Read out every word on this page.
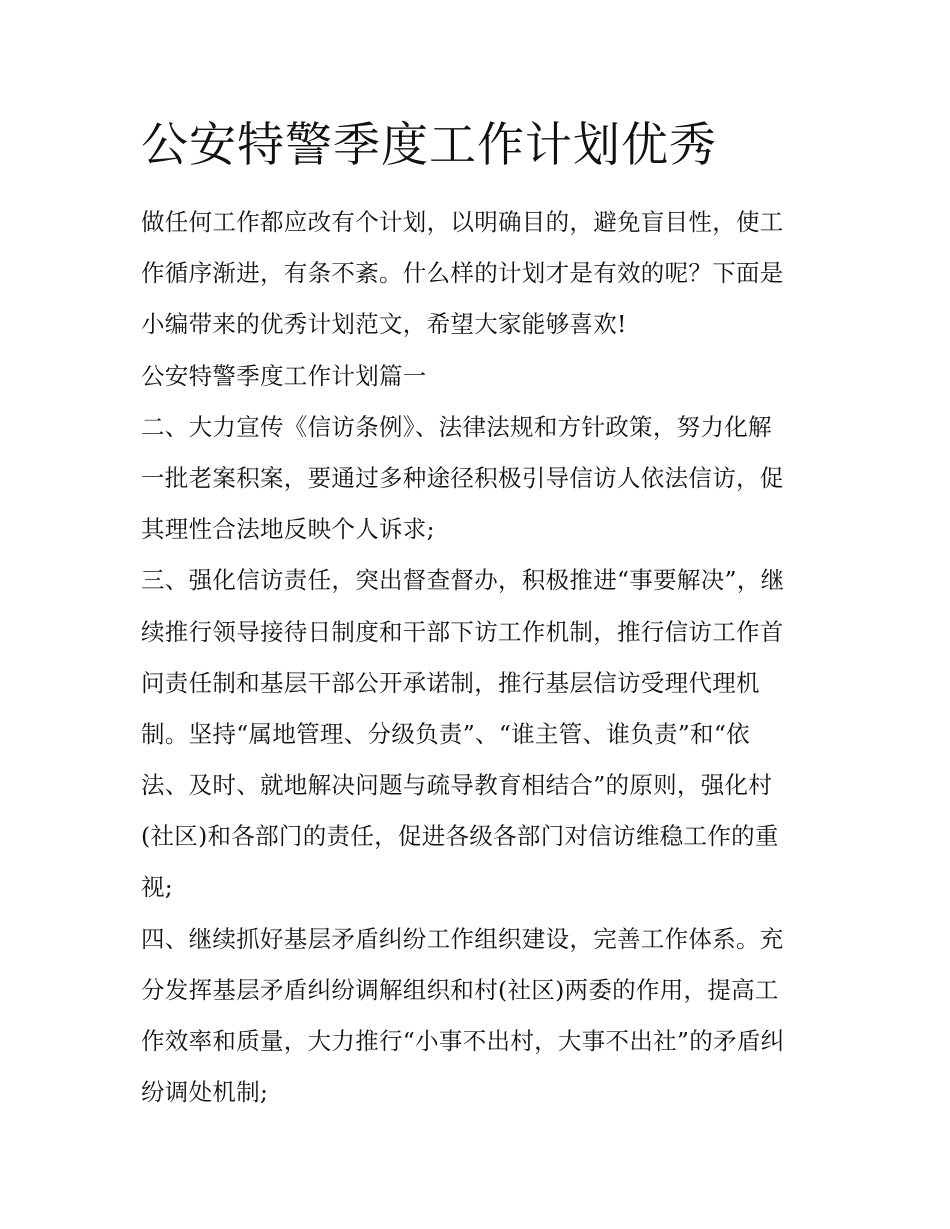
公安特警季度工作计划优秀
做任何工作都应改有个计划，以明确目的，避免盲目性，使工
作循序渐进，有条不紊。什么样的计划才是有效的呢？下面是
小编带来的优秀计划范文，希望大家能够喜欢!
公安特警季度工作计划篇一
二、大力宣传《信访条例》、法律法规和方针政策，努力化解
一批老案积案，要通过多种途径积极引导信访人依法信访，促
其理性合法地反映个人诉求;
三、强化信访责任，突出督查督办，积极推进“事要解决”，继
续推行领导接待日制度和干部下访工作机制，推行信访工作首
问责任制和基层干部公开承诺制，推行基层信访受理代理机
制。坚持“属地管理、分级负责”、“谁主管、谁负责”和“依
法、及时、就地解决问题与疏导教育相结合”的原则，强化村
(社区)和各部门的责任，促进各级各部门对信访维稳工作的重
视;
四、继续抓好基层矛盾纠纷工作组织建设，完善工作体系。充
分发挥基层矛盾纠纷调解组织和村(社区)两委的作用，提高工
作效率和质量，大力推行“小事不出村，大事不出社”的矛盾纠
纷调处机制;
